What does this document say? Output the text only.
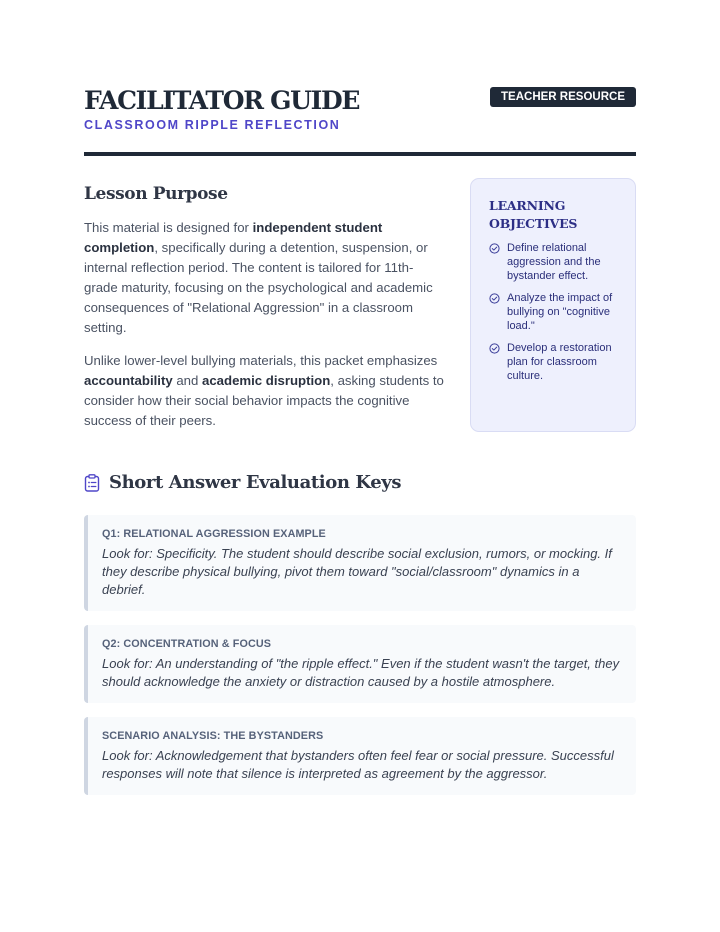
FACILITATOR GUIDE
CLASSROOM RIPPLE REFLECTION
TEACHER RESOURCE
Lesson Purpose

This material is designed for independent student completion, specifically during a detention, suspension, or internal reflection period. The content is tailored for 11th-grade maturity, focusing on the psychological and academic consequences of "Relational Aggression" in a classroom setting.

Unlike lower-level bullying materials, this packet emphasizes accountability and academic disruption, asking students to consider how their social behavior impacts the cognitive success of their peers.

LEARNING OBJECTIVES
Define relational aggression and the bystander effect.
Analyze the impact of bullying on "cognitive load."
Develop a restoration plan for classroom culture.
Short Answer Evaluation Keys
Q1: RELATIONAL AGGRESSION EXAMPLE
Look for: Specificity. The student should describe social exclusion, rumors, or mocking. If they describe physical bullying, pivot them toward "social/classroom" dynamics in a debrief.
Q2: CONCENTRATION & FOCUS
Look for: An understanding of "the ripple effect." Even if the student wasn't the target, they should acknowledge the anxiety or distraction caused by a hostile atmosphere.
SCENARIO ANALYSIS: THE BYSTANDERS
Look for: Acknowledgement that bystanders often feel fear or social pressure. Successful responses will note that silence is interpreted as agreement by the aggressor.
